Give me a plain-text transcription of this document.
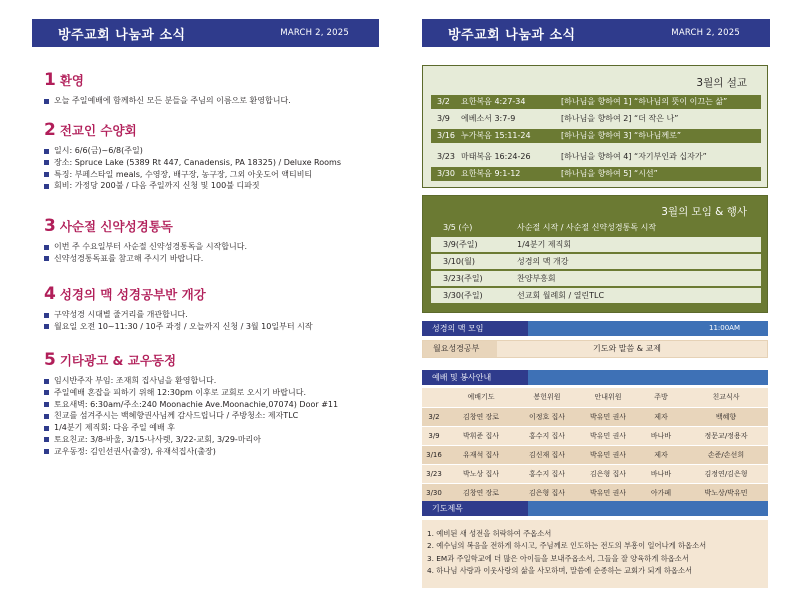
방주교회 나눔과 소식	MARCH 2, 2025	방주교회 나눔과 소식	MARCH 2, 2025
1 환영
오늘 주일예배에 함께하신 모든 분들을 주님의 이름으로 환영합니다.
2 전교인 수양회
일시: 6/6(금)~6/8(주일)
장소: Spruce Lake (5389 Rt 447, Canadensis, PA 18325) / Deluxe Rooms
특징: 부페스타일 meals, 수영장, 배구장, 농구장, 그외 아웃도어 액티비티
회비: 가정당 200불 / 다음 주일까지 신청 및 100불 디파짓
3 사순절 신약성경통독
이번 주 수요일부터 사순절 신약성경통독을 시작합니다.
신약성경통독표를 참고해 주시기 바랍니다.
4 성경의 맥 성경공부반 개강
구약성경 시대별 줄거리를 개관합니다.
월요일 오전 10~11:30 / 10주 과정 / 오늘까지 신청 / 3월 10일부터 시작
5 기타광고 & 교우동정
임시반주자 부임: 조재희 집사님을 환영합니다.
주일예배 혼잡을 피하기 위해 12:30pm 이후로 교회로 오시기 바랍니다.
토요새벽: 6:30am/주소:240 Moonachie Ave.Moonachie,07074) Door #11
친교를 섬겨주시는 백혜향권사님께 감사드립니다 / 주방청소: 제자TLC
1/4분기 제직회: 다음 주일 예배 후
토요친교: 3/8-바울, 3/15-나사렛, 3/22-교회, 3/29-마리아
교우동정: 김인선권사(출장), 유재석집사(출장)
3월의 설교
3/2 요한복음 4:27-34	[하나님을 향하여 1] “하나님의 뜻이 이끄는 삶”
3/9 에베소서 3:7-9	[하나님을 향하여 2] “더 작은 나”
3/16 누가복음 15:11-24	[하나님을 향하여 3] “하나님께로”
3/23 마태복음 16:24-26	[하나님을 향하여 4] “자기부인과 십자가”
3/30 요한복음 9:1-12	[하나님을 향하여 5] “시선”
3월의 모임 & 행사
3/5 (수)	사순절 시작 / 사순절 신약성경통독 시작
3/9(주일)	1/4분기 제직회
3/10(월)	성경의 맥 개강
3/23(주일)	찬양부흥회
3/30(주일)	선교회 월례회 / 열린TLC
성경의 맥 모임	11:00AM
월요성경공부	기도와 말씀 & 교제
예배 및 봉사안내
	예배기도	봉헌위원	안내위원	주방	친교식사
3/2	김창연 장로	이정호 집사	박유민 권사	제자	백혜향
3/9	박휘준 집사	홍수지 집사	박유민 권사	바나바	정문교/정용자
3/16	유재석 집사	김신재 집사	박유민 권사	제자	손준/손선희
3/23	박노상 집사	홍수지 집사	김은형 집사	바나바	김정연/김은형
3/30	김창연 장로	김은형 집사	박유민 권사	아가페	박노상/박유민
기도제목
1. 예비된 새 성전을 허락하여 주옵소서
2. 예수님의 복음을 전하게 하시고, 주님께로 인도하는 전도의 부흥이 일어나게 하옵소서
3. EM과 주일학교에 더 많은 아이들을 보내주옵소서, 그들을 잘 양육하게 하옵소서
4. 하나님 사랑과 이웃사랑의 삶을 사모하며, 말씀에 순종하는 교회가 되게 하옵소서
